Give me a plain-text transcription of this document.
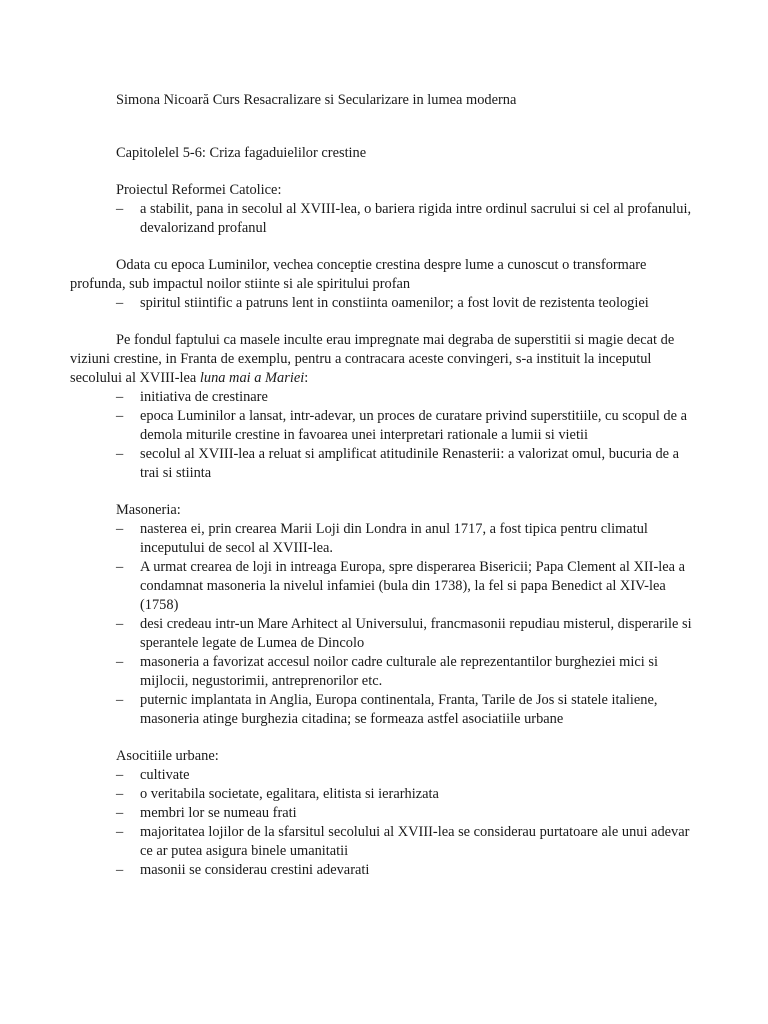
Simona Nicoară Curs Resacralizare si Secularizare in lumea moderna

Capitolelel 5-6: Criza fagaduielilor crestine

Proiectul Reformei Catolice:

– a stabilit, pana in secolul al XVIII-lea, o bariera rigida intre ordinul sacrului si cel al profanului, devalorizand profanul

Odata cu epoca Luminilor, vechea conceptie crestina despre lume a cunoscut o transformare profunda, sub impactul noilor stiinte si ale spiritului profan

– spiritul stiintific a patruns lent in constiinta oamenilor; a fost lovit de rezistenta teologiei

Pe fondul faptului ca masele inculte erau impregnate mai degraba de superstitii si magie decat de viziuni crestine, in Franta de exemplu, pentru a contracara aceste convingeri, s-a instituit la inceputul secolului al XVIII-lea luna mai a Mariei:

– initiativa de crestinare
– epoca Luminilor a lansat, intr-adevar, un proces de curatare privind superstitiile, cu scopul de a demola miturile crestine in favoarea unei interpretari rationale a lumii si vietii
– secolul al XVIII-lea a reluat si amplificat atitudinile Renasterii: a valorizat omul, bucuria de a trai si stiinta

Masoneria:

– nasterea ei, prin crearea Marii Loji din Londra in anul 1717, a fost tipica pentru climatul inceputului de secol al XVIII-lea.
– A urmat crearea de loji in intreaga Europa, spre disperarea Bisericii; Papa Clement al XII-lea a condamnat masoneria la nivelul infamiei (bula din 1738), la fel si papa Benedict al XIV-lea (1758)
– desi credeau intr-un Mare Arhitect al Universului, francmasonii repudiau misterul, disperarile si sperantele legate de Lumea de Dincolo
– masoneria a favorizat accesul noilor cadre culturale ale reprezentantilor burgheziei mici si mijlocii, negustorimii, antreprenorilor etc.
– puternic implantata in Anglia, Europa continentala, Franta, Tarile de Jos si statele italiene, masoneria atinge burghezia citadina; se formeaza astfel asociatiile urbane

Asocitiile urbane:

– cultivate
– o veritabila societate, egalitara, elitista si ierarhizata
– membri lor se numeau frati
– majoritatea lojilor de la sfarsitul secolului al XVIII-lea se considerau purtatoare ale unui adevar ce ar putea asigura binele umanitatii
– masonii se considerau crestini adevarati
